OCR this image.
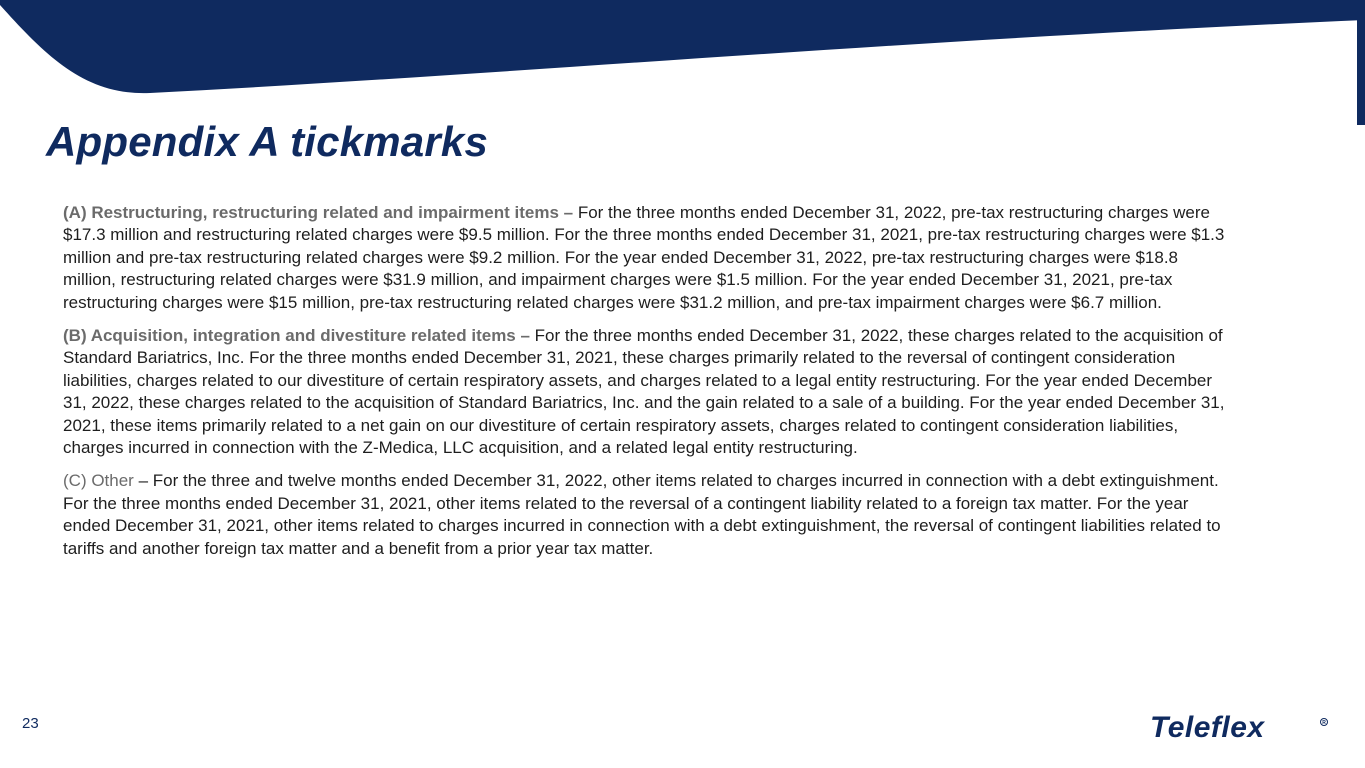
Appendix A tickmarks

(A) Restructuring, restructuring related and impairment items – For the three months ended December 31, 2022, pre-tax restructuring charges were $17.3 million and restructuring related charges were $9.5 million. For the three months ended December 31, 2021, pre-tax restructuring charges were $1.3 million and pre-tax restructuring related charges were $9.2 million. For the year ended December 31, 2022, pre-tax restructuring charges were $18.8 million, restructuring related charges were $31.9 million, and impairment charges were $1.5 million. For the year ended December 31, 2021, pre-tax restructuring charges were $15 million, pre-tax restructuring related charges were $31.2 million, and pre-tax impairment charges were $6.7 million.

(B) Acquisition, integration and divestiture related items – For the three months ended December 31, 2022, these charges related to the acquisition of Standard Bariatrics, Inc. For the three months ended December 31, 2021, these charges primarily related to the reversal of contingent consideration liabilities, charges related to our divestiture of certain respiratory assets, and charges related to a legal entity restructuring. For the year ended December 31, 2022, these charges related to the acquisition of Standard Bariatrics, Inc. and the gain related to a sale of a building. For the year ended December 31, 2021, these items primarily related to a net gain on our divestiture of certain respiratory assets, charges related to contingent consideration liabilities, charges incurred in connection with the Z-Medica, LLC acquisition, and a related legal entity restructuring.

(C) Other – For the three and twelve months ended December 31, 2022, other items related to charges incurred in connection with a debt extinguishment. For the three months ended December 31, 2021, other items related to the reversal of a contingent liability related to a foreign tax matter. For the year ended December 31, 2021, other items related to charges incurred in connection with a debt extinguishment, the reversal of contingent liabilities related to tariffs and another foreign tax matter and a benefit from a prior year tax matter.

23	Teleflex	R
